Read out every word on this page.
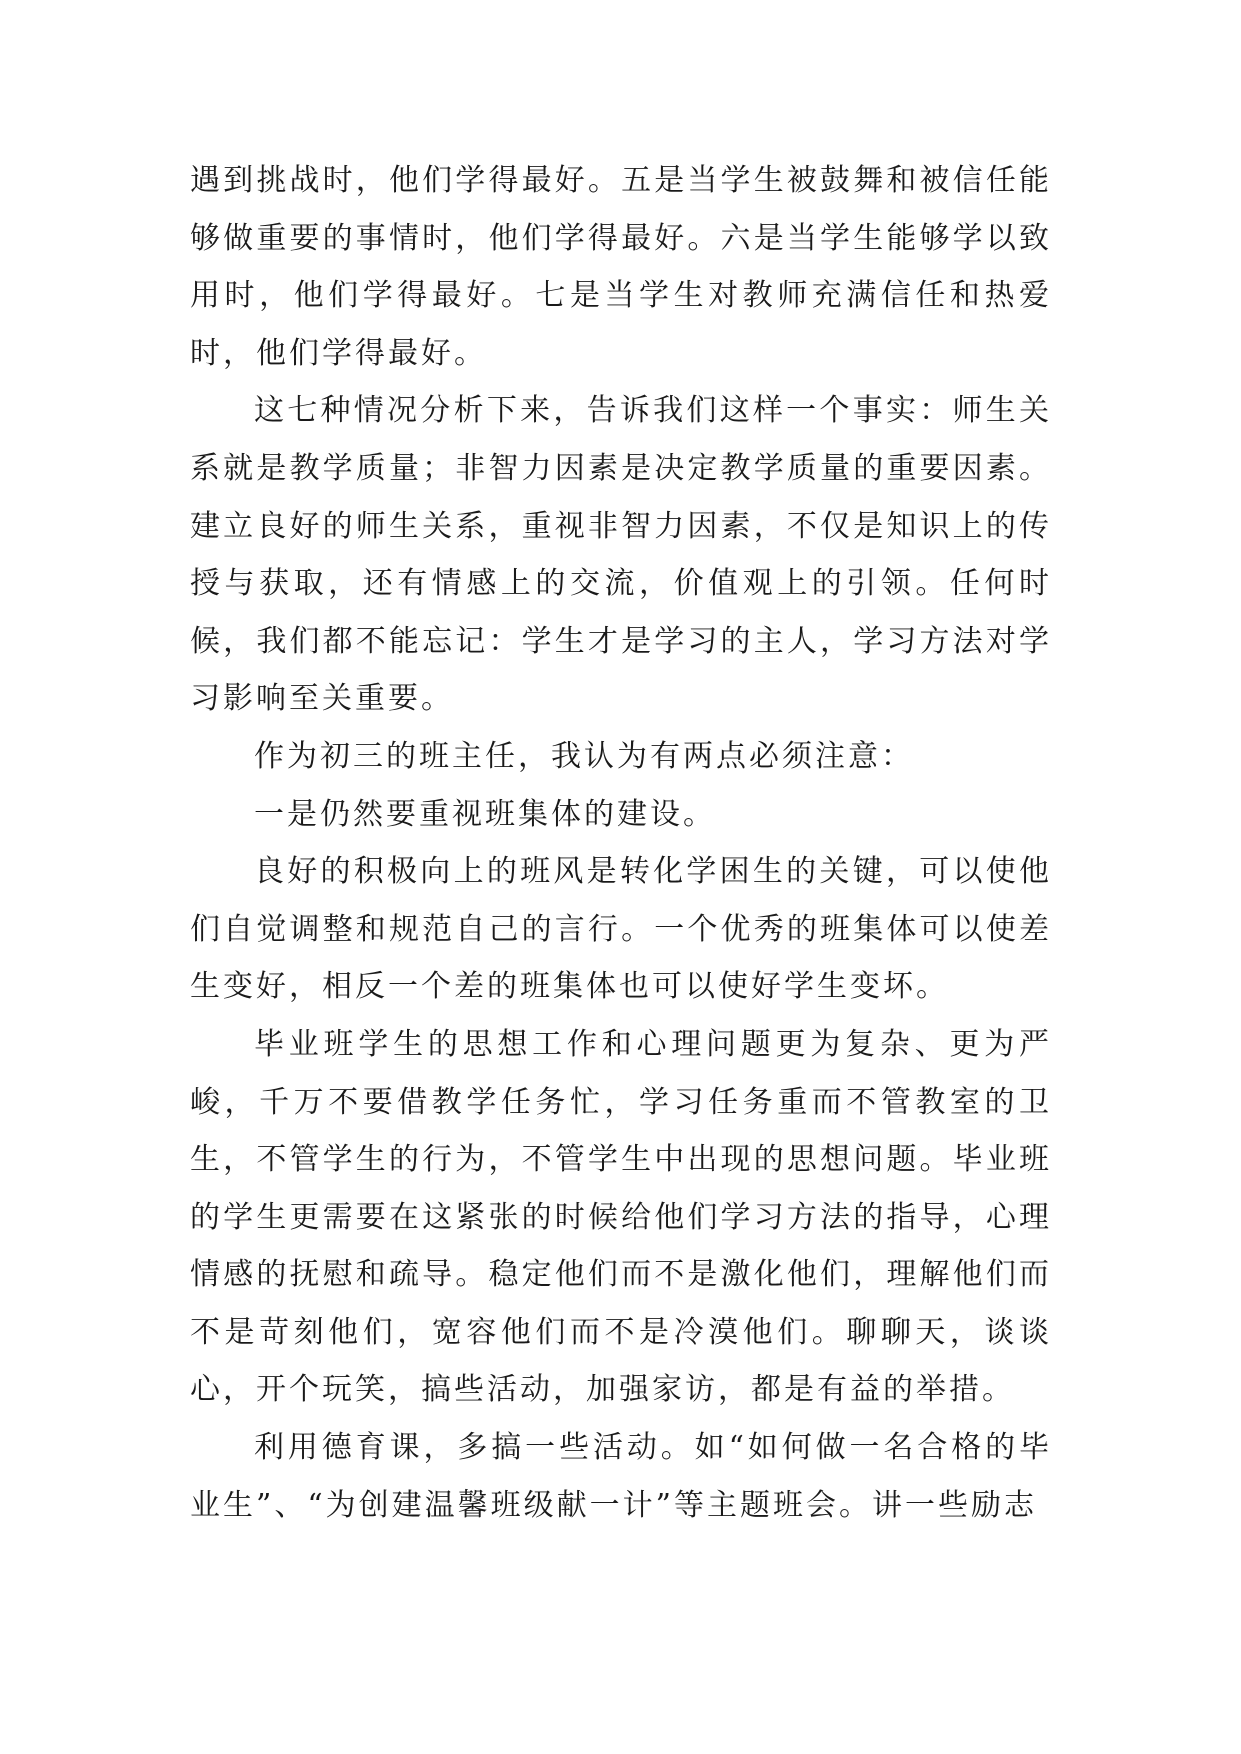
遇到挑战时，他们学得最好。五是当学生被鼓舞和被信任能够做重要的事情时，他们学得最好。六是当学生能够学以致用时，他们学得最好。七是当学生对教师充满信任和热爱时，他们学得最好。

这七种情况分析下来，告诉我们这样一个事实：师生关系就是教学质量；非智力因素是决定教学质量的重要因素。建立良好的师生关系，重视非智力因素，不仅是知识上的传授与获取，还有情感上的交流，价值观上的引领。任何时候，我们都不能忘记：学生才是学习的主人，学习方法对学习影响至关重要。

作为初三的班主任，我认为有两点必须注意：

一是仍然要重视班集体的建设。

良好的积极向上的班风是转化学困生的关键，可以使他们自觉调整和规范自己的言行。一个优秀的班集体可以使差生变好，相反一个差的班集体也可以使好学生变坏。

毕业班学生的思想工作和心理问题更为复杂、更为严峻，千万不要借教学任务忙，学习任务重而不管教室的卫生，不管学生的行为，不管学生中出现的思想问题。毕业班的学生更需要在这紧张的时候给他们学习方法的指导，心理情感的抚慰和疏导。稳定他们而不是激化他们，理解他们而不是苛刻他们，宽容他们而不是冷漠他们。聊聊天，谈谈心，开个玩笑，搞些活动，加强家访，都是有益的举措。

利用德育课，多搞一些活动。如“如何做一名合格的毕业生”、“为创建温馨班级献一计”等主题班会。讲一些励志
